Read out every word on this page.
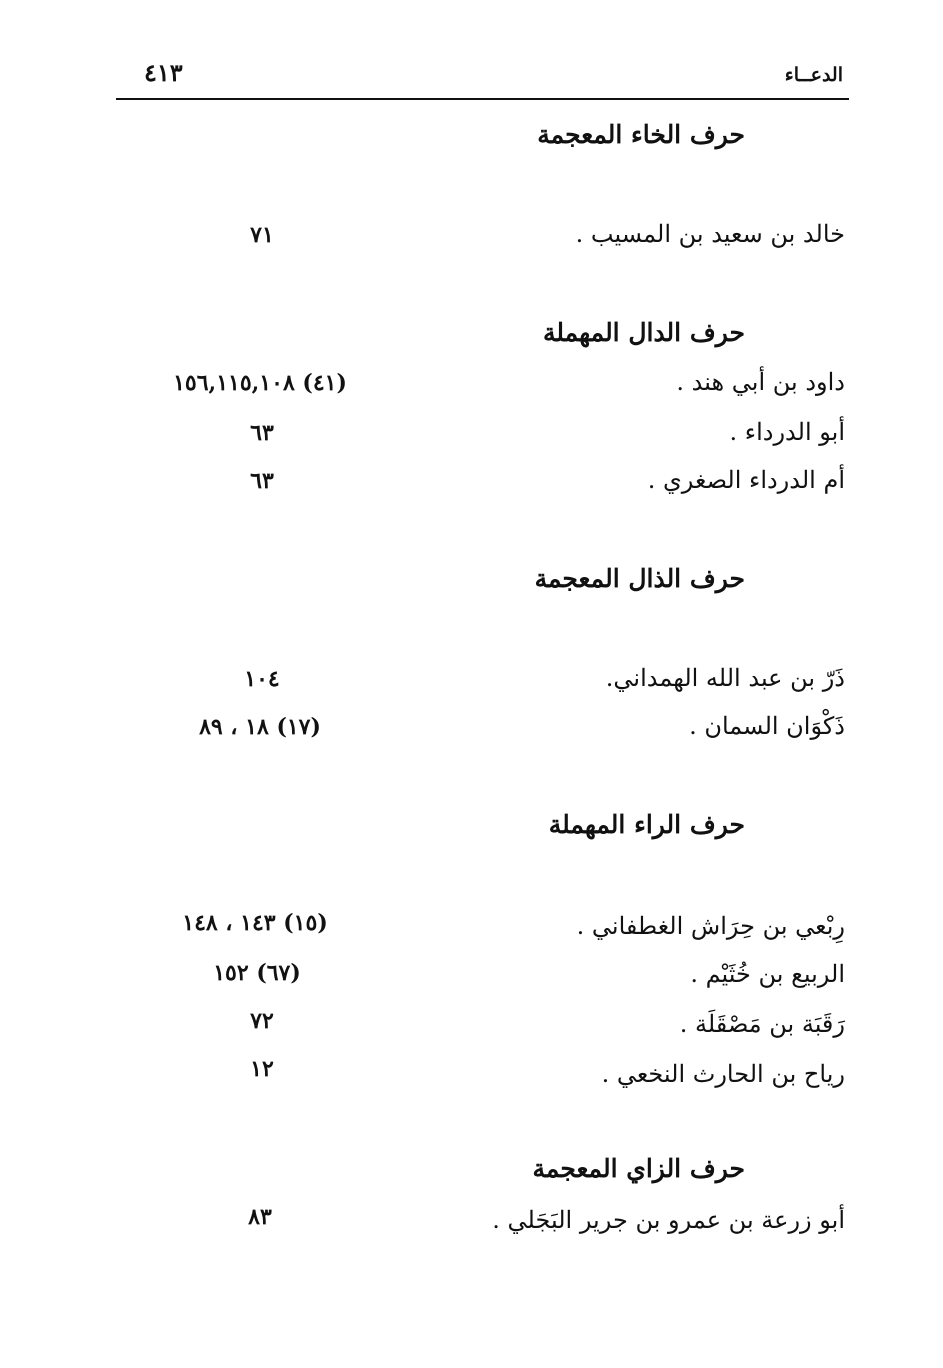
الدعــاء
٤١٣
حرف الخاء المعجمة
خالد بن سعيد بن المسيب .
٧١
حرف الدال المهملة
داود بن أبي هند .
(٤١) ١٥٦,١١٥,١٠٨
أبو الدرداء .
٦٣
أم الدرداء الصغري .
٦٣
حرف الذال المعجمة
ذَرّ بن عبد الله الهمداني.
١٠٤
ذَكْوَان السمان .
(١٧) ١٨ ، ٨٩
حرف الراء المهملة
رِبْعي بن حِرَاش الغطفاني .
(١٥) ١٤٣ ، ١٤٨
الربيع بن خُثَيْم .
(٦٧) ١٥٢
رَقَبَة بن مَصْقَلَة .
٧٢
رياح بن الحارث النخعي .
١٢
حرف الزاي المعجمة
أبو زرعة بن عمرو بن جرير البَجَلي .
٨٣
